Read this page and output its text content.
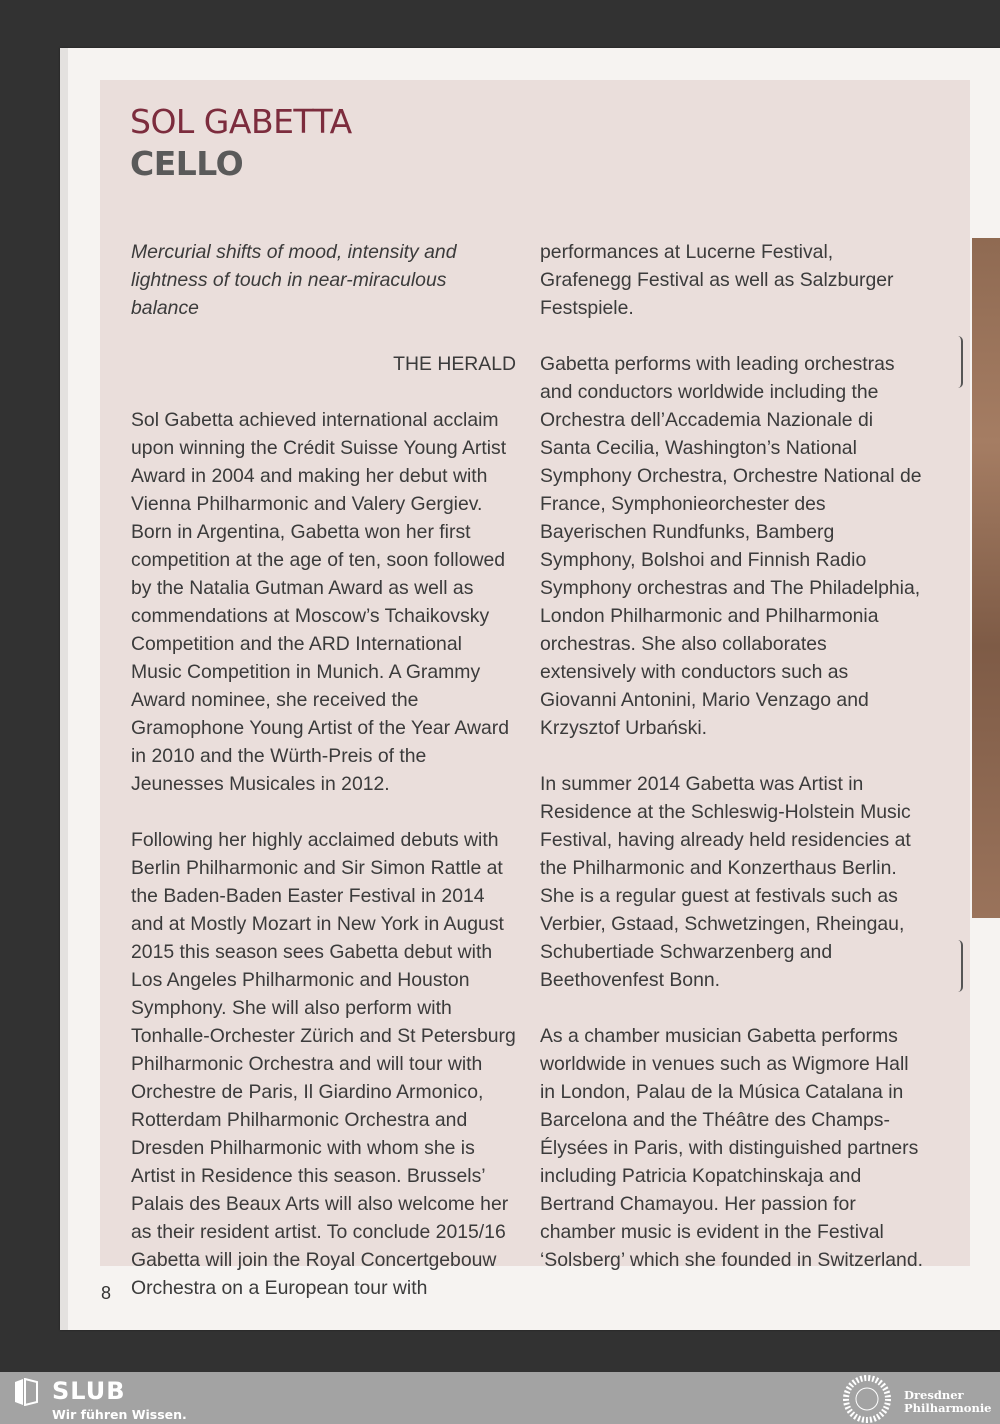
SOL GABETTA
CELLO

Mercurial shifts of mood, intensity and lightness of touch in near-miraculous balance

THE HERALD

Sol Gabetta achieved international acclaim upon winning the Crédit Suisse Young Artist Award in 2004 and making her debut with Vienna Philharmonic and Valery Gergiev. Born in Argentina, Gabetta won her first competition at the age of ten, soon followed by the Natalia Gutman Award as well as commendations at Moscow’s Tchaikovsky Competition and the ARD International Music Competition in Munich. A Grammy Award nominee, she received the Gramophone Young Artist of the Year Award in 2010 and the Würth-Preis of the Jeunesses Musicales in 2012.

Following her highly acclaimed debuts with Berlin Philharmonic and Sir Simon Rattle at the Baden-Baden Easter Festival in 2014 and at Mostly Mozart in New York in August 2015 this season sees Gabetta debut with Los Angeles Philharmonic and Houston Symphony. She will also perform with Tonhalle-Orchester Zürich and St Petersburg Philharmonic Orchestra and will tour with Orchestre de Paris, Il Giardino Armonico, Rotterdam Philharmonic Orchestra and Dresden Philharmonic with whom she is Artist in Residence this season. Brussels’ Palais des Beaux Arts will also welcome her as their resident artist. To conclude 2015/16 Gabetta will join the Royal Concertgebouw Orchestra on a European tour with

performances at Lucerne Festival, Grafenegg Festival as well as Salzburger Festspiele.

Gabetta performs with leading orchestras and conductors worldwide including the Orchestra dell’Accademia Nazionale di Santa Cecilia, Washington’s National Symphony Orchestra, Orchestre National de France, Symphonieorchester des Bayerischen Rundfunks, Bamberg Symphony, Bolshoi and Finnish Radio Symphony orchestras and The Philadelphia, London Philharmonic and Philharmonia orchestras. She also collaborates extensively with conductors such as Giovanni Antonini, Mario Venzago and Krzysztof Urbański.

In summer 2014 Gabetta was Artist in Residence at the Schleswig-Holstein Music Festival, having already held residencies at the Philharmonic and Konzerthaus Berlin. She is a regular guest at festivals such as Verbier, Gstaad, Schwetzingen, Rheingau, Schubertiade Schwarzenberg and Beethovenfest Bonn.

As a chamber musician Gabetta performs worldwide in venues such as Wigmore Hall in London, Palau de la Música Catalana in Barcelona and the Théâtre des Champs-Élysées in Paris, with distinguished partners including Patricia Kopatchinskaja and Bertrand Chamayou. Her passion for chamber music is evident in the Festival ‘Solsberg’ which she founded in Switzerland.

8
SLUB
Wir führen Wissen.
Dresdner
Philharmonie
